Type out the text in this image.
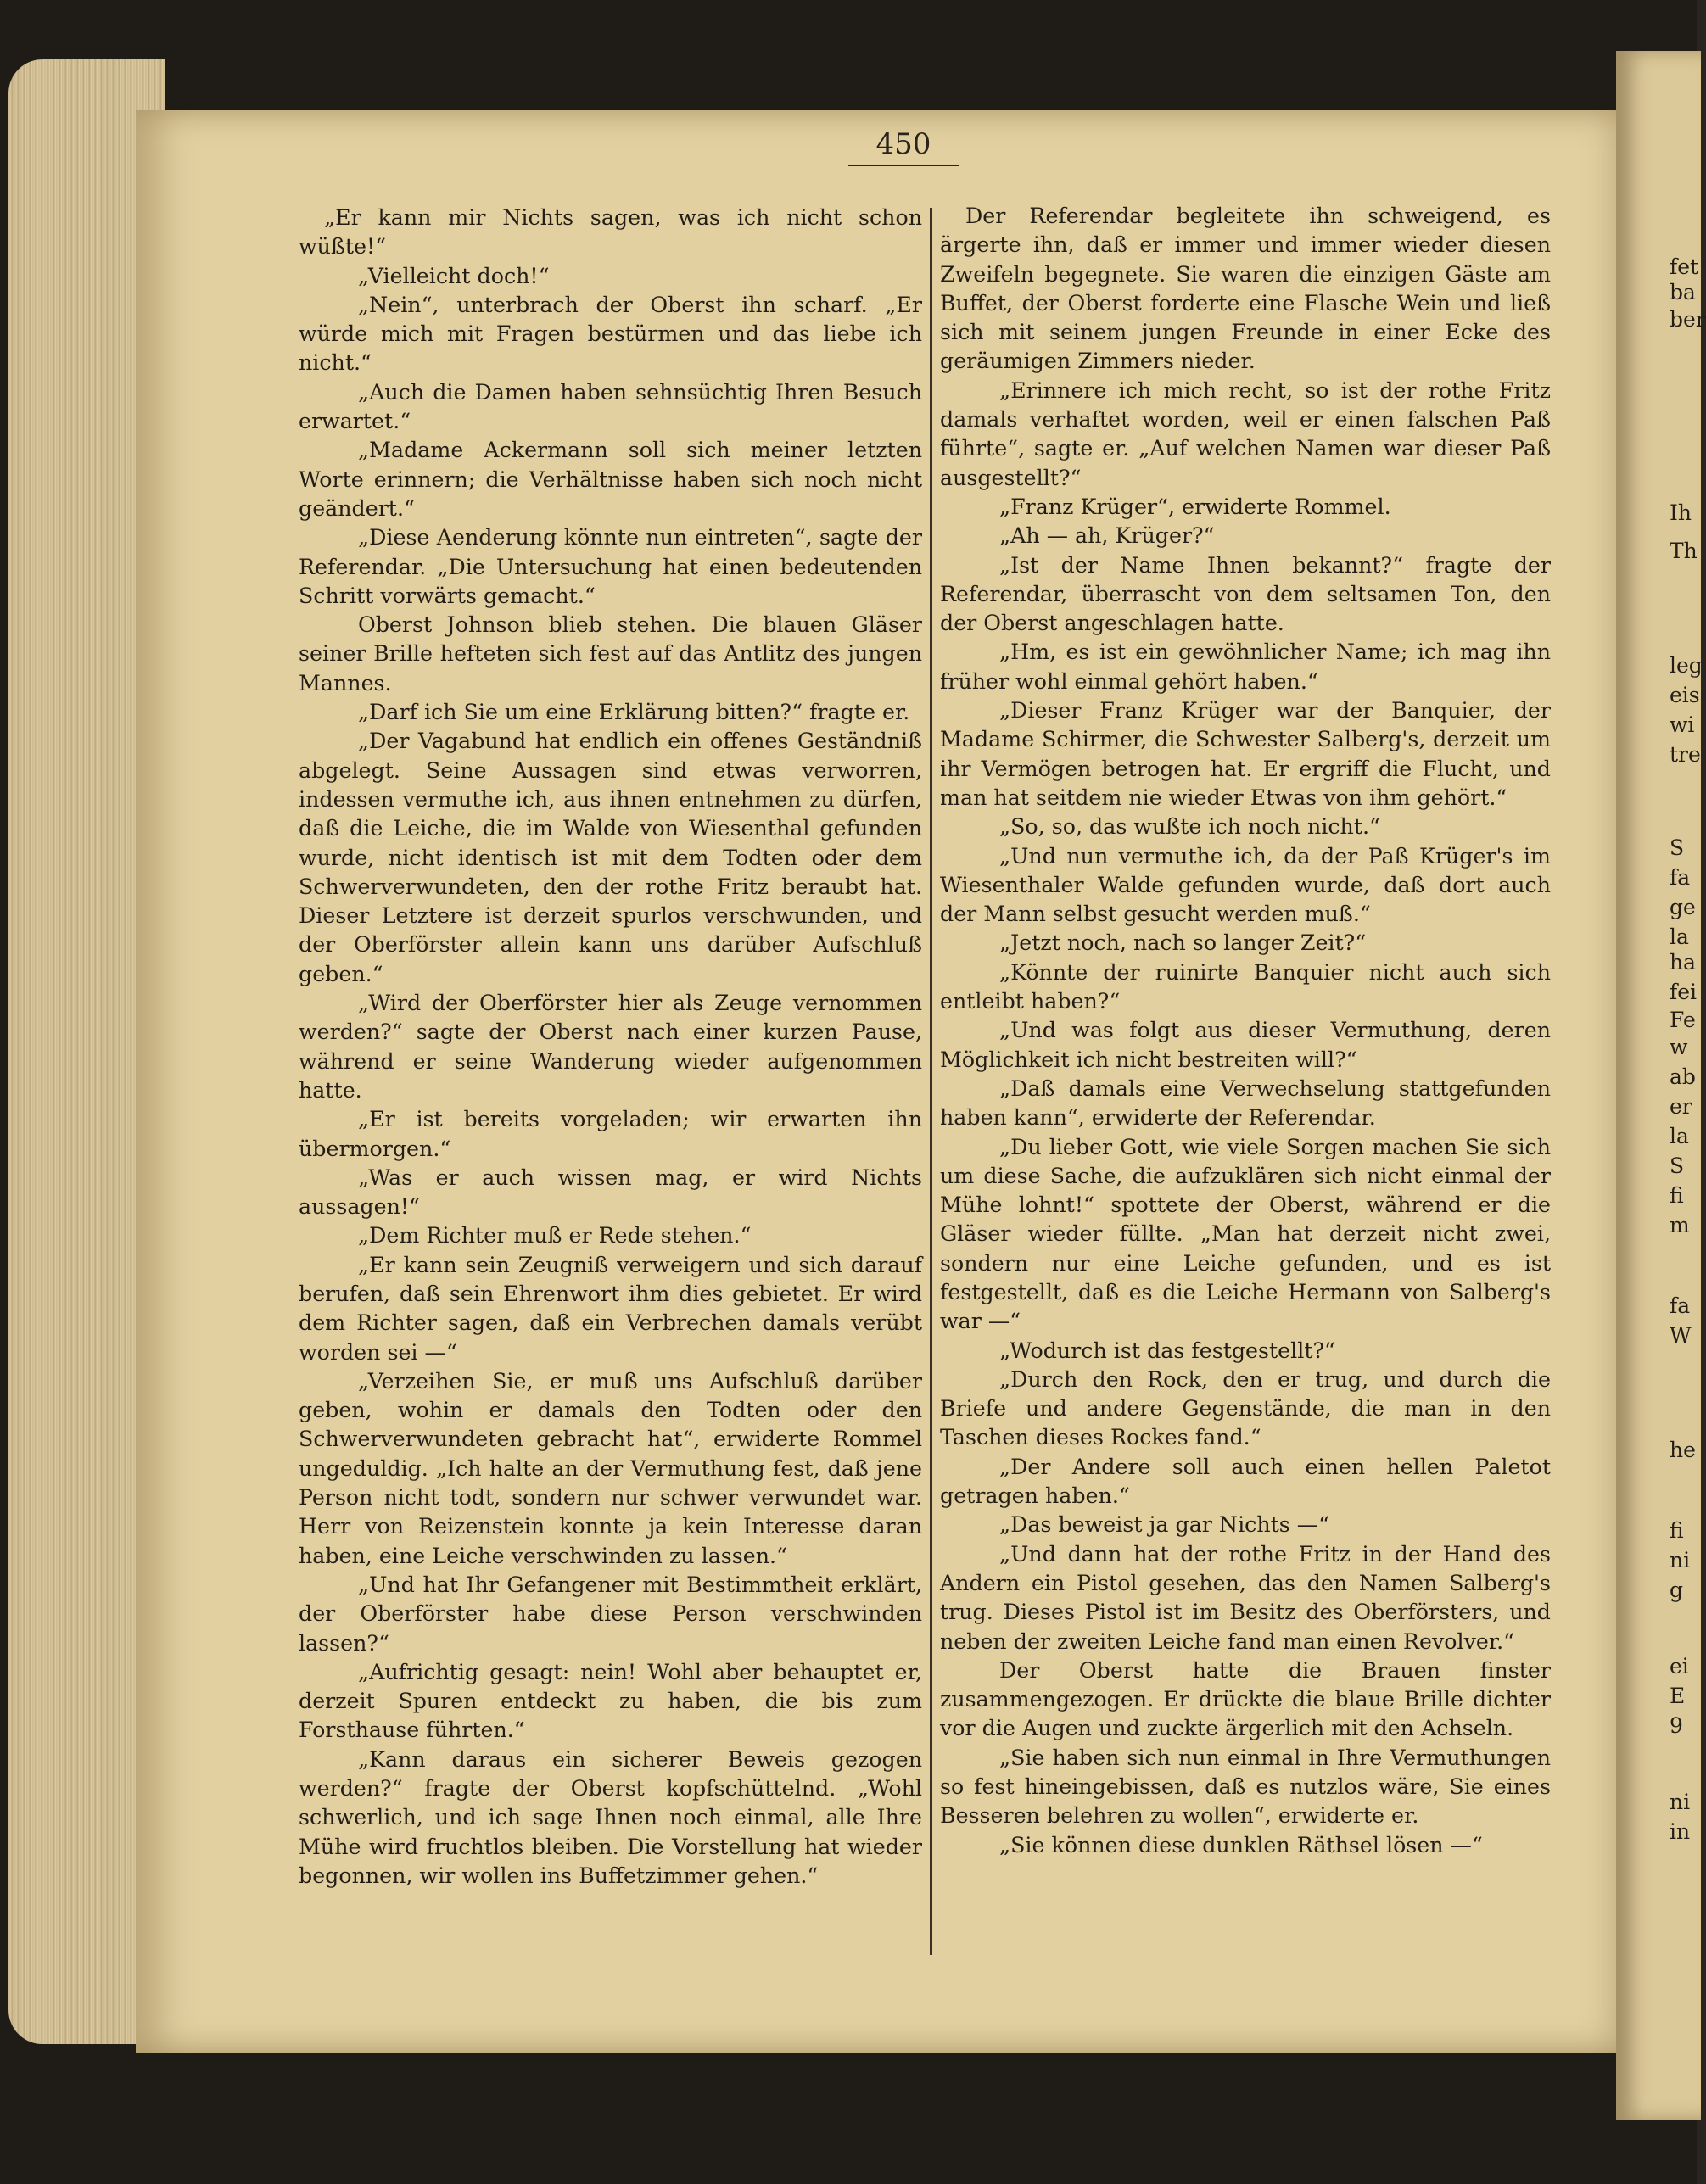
450

„Er kann mir Nichts sagen, was ich nicht schon wüßte!“

„Vielleicht doch!“

„Nein“, unterbrach der Oberst ihn scharf. „Er würde mich mit Fragen bestürmen und das liebe ich nicht.“

„Auch die Damen haben sehnsüchtig Ihren Besuch erwartet.“

„Madame Ackermann soll sich meiner letzten Worte erinnern; die Verhältnisse haben sich noch nicht geändert.“

„Diese Aenderung könnte nun eintreten“, sagte der Referendar. „Die Untersuchung hat einen bedeutenden Schritt vorwärts gemacht.“

Oberst Johnson blieb stehen. Die blauen Gläser seiner Brille hefteten sich fest auf das Antlitz des jungen Mannes.

„Darf ich Sie um eine Erklärung bitten?“ fragte er.

„Der Vagabund hat endlich ein offenes Geständniß abgelegt. Seine Aussagen sind etwas verworren, indessen vermuthe ich, aus ihnen entnehmen zu dürfen, daß die Leiche, die im Walde von Wiesenthal gefunden wurde, nicht identisch ist mit dem Todten oder dem Schwerverwundeten, den der rothe Fritz beraubt hat. Dieser Letztere ist derzeit spurlos verschwunden, und der Oberförster allein kann uns darüber Aufschluß geben.“

„Wird der Oberförster hier als Zeuge vernommen werden?“ sagte der Oberst nach einer kurzen Pause, während er seine Wanderung wieder aufgenommen hatte.

„Er ist bereits vorgeladen; wir erwarten ihn übermorgen.“

„Was er auch wissen mag, er wird Nichts aussagen!“

„Dem Richter muß er Rede stehen.“

„Er kann sein Zeugniß verweigern und sich darauf berufen, daß sein Ehrenwort ihm dies gebietet. Er wird dem Richter sagen, daß ein Verbrechen damals verübt worden sei —“

„Verzeihen Sie, er muß uns Aufschluß darüber geben, wohin er damals den Todten oder den Schwerverwundeten gebracht hat“, erwiderte Rommel ungeduldig. „Ich halte an der Vermuthung fest, daß jene Person nicht todt, sondern nur schwer verwundet war. Herr von Reizenstein konnte ja kein Interesse daran haben, eine Leiche verschwinden zu lassen.“

„Und hat Ihr Gefangener mit Bestimmtheit erklärt, der Oberförster habe diese Person verschwinden lassen?“

„Aufrichtig gesagt: nein! Wohl aber behauptet er, derzeit Spuren entdeckt zu haben, die bis zum Forsthause führten.“

„Kann daraus ein sicherer Beweis gezogen werden?“ fragte der Oberst kopfschüttelnd. „Wohl schwerlich, und ich sage Ihnen noch einmal, alle Ihre Mühe wird fruchtlos bleiben. Die Vorstellung hat wieder begonnen, wir wollen ins Buffetzimmer gehen.“

Der Referendar begleitete ihn schweigend, es ärgerte ihn, daß er immer und immer wieder diesen Zweifeln begegnete. Sie waren die einzigen Gäste am Buffet, der Oberst forderte eine Flasche Wein und ließ sich mit seinem jungen Freunde in einer Ecke des geräumigen Zimmers nieder.

„Erinnere ich mich recht, so ist der rothe Fritz damals verhaftet worden, weil er einen falschen Paß führte“, sagte er. „Auf welchen Namen war dieser Paß ausgestellt?“

„Franz Krüger“, erwiderte Rommel.

„Ah — ah, Krüger?“

„Ist der Name Ihnen bekannt?“ fragte der Referendar, überrascht von dem seltsamen Ton, den der Oberst angeschlagen hatte.

„Hm, es ist ein gewöhnlicher Name; ich mag ihn früher wohl einmal gehört haben.“

„Dieser Franz Krüger war der Banquier, der Madame Schirmer, die Schwester Salberg's, derzeit um ihr Vermögen betrogen hat. Er ergriff die Flucht, und man hat seitdem nie wieder Etwas von ihm gehört.“

„So, so, das wußte ich noch nicht.“

„Und nun vermuthe ich, da der Paß Krüger's im Wiesenthaler Walde gefunden wurde, daß dort auch der Mann selbst gesucht werden muß.“

„Jetzt noch, nach so langer Zeit?“

„Könnte der ruinirte Banquier nicht auch sich entleibt haben?“

„Und was folgt aus dieser Vermuthung, deren Möglichkeit ich nicht bestreiten will?“

„Daß damals eine Verwechselung stattgefunden haben kann“, erwiderte der Referendar.

„Du lieber Gott, wie viele Sorgen machen Sie sich um diese Sache, die aufzuklären sich nicht einmal der Mühe lohnt!“ spottete der Oberst, während er die Gläser wieder füllte. „Man hat derzeit nicht zwei, sondern nur eine Leiche gefunden, und es ist festgestellt, daß es die Leiche Hermann von Salberg's war —“

„Wodurch ist das festgestellt?“

„Durch den Rock, den er trug, und durch die Briefe und andere Gegenstände, die man in den Taschen dieses Rockes fand.“

„Der Andere soll auch einen hellen Paletot getragen haben.“

„Das beweist ja gar Nichts —“

„Und dann hat der rothe Fritz in der Hand des Andern ein Pistol gesehen, das den Namen Salberg's trug. Dieses Pistol ist im Besitz des Oberförsters, und neben der zweiten Leiche fand man einen Revolver.“

Der Oberst hatte die Brauen finster zusammengezogen. Er drückte die blaue Brille dichter vor die Augen und zuckte ärgerlich mit den Achseln.

„Sie haben sich nun einmal in Ihre Vermuthungen so fest hineingebissen, daß es nutzlos wäre, Sie eines Besseren belehren zu wollen“, erwiderte er.

„Sie können diese dunklen Räthsel lösen —“

fet
ba
ber
Ih
Th
leg
eis
wi
tre
S
fa
ge
la
ha
fei
Fe
w
ab
er
la
S
fi
m
fa
W
he
fi
ni
g
ei
E
9
ni
in
